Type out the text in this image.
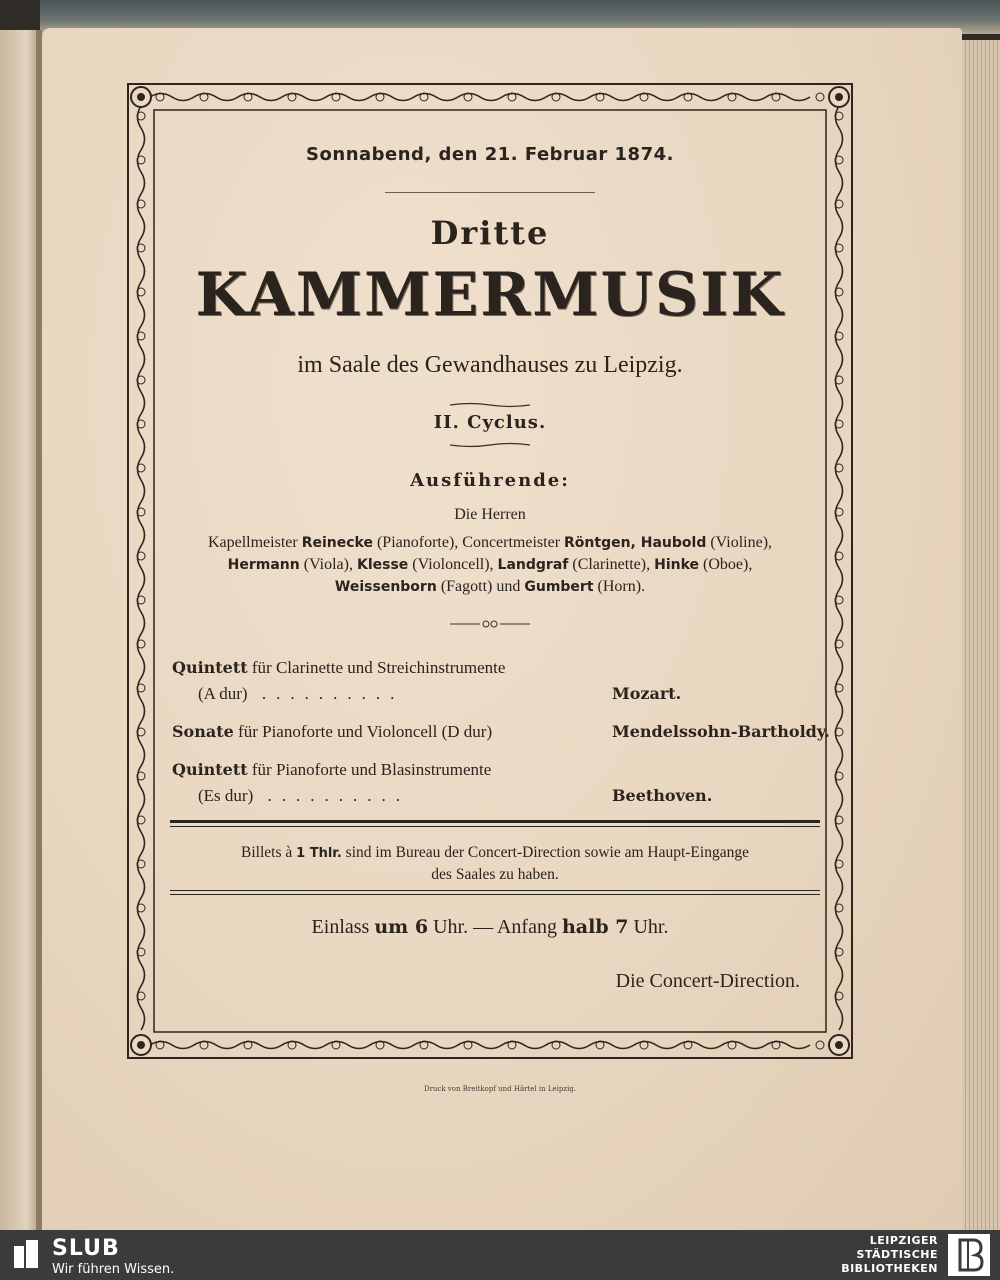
Sonnabend, den 21. Februar 1874.
Dritte
KAMMERMUSIK
im Saale des Gewandhauses zu Leipzig.
II. Cyclus.
Ausführende:
Die Herren
Kapellmeister Reinecke (Pianoforte), Concertmeister Röntgen, Haubold (Violine),
Hermann (Viola), Klesse (Violoncell), Landgraf (Clarinette), Hinke (Oboe),
Weissenborn (Fagott) und Gumbert (Horn).
Quintett für Clarinette und Streichinstrumente
(A dur) ..........	Mozart.
Sonate für Pianoforte und Violoncell (D dur)	Mendelssohn-Bartholdy.
Quintett für Pianoforte und Blasinstrumente
(Es dur) ..........	Beethoven.
Billets à 1 Thlr. sind im Bureau der Concert-Direction sowie am Haupt-Eingange
des Saales zu haben.
Einlass um 6 Uhr. — Anfang halb 7 Uhr.
Die Concert-Direction.
Druck von Breitkopf und Härtel in Leipzig.
SLUB
Wir führen Wissen.
LEIPZIGER
STÄDTISCHE
BIBLIOTHEKEN
